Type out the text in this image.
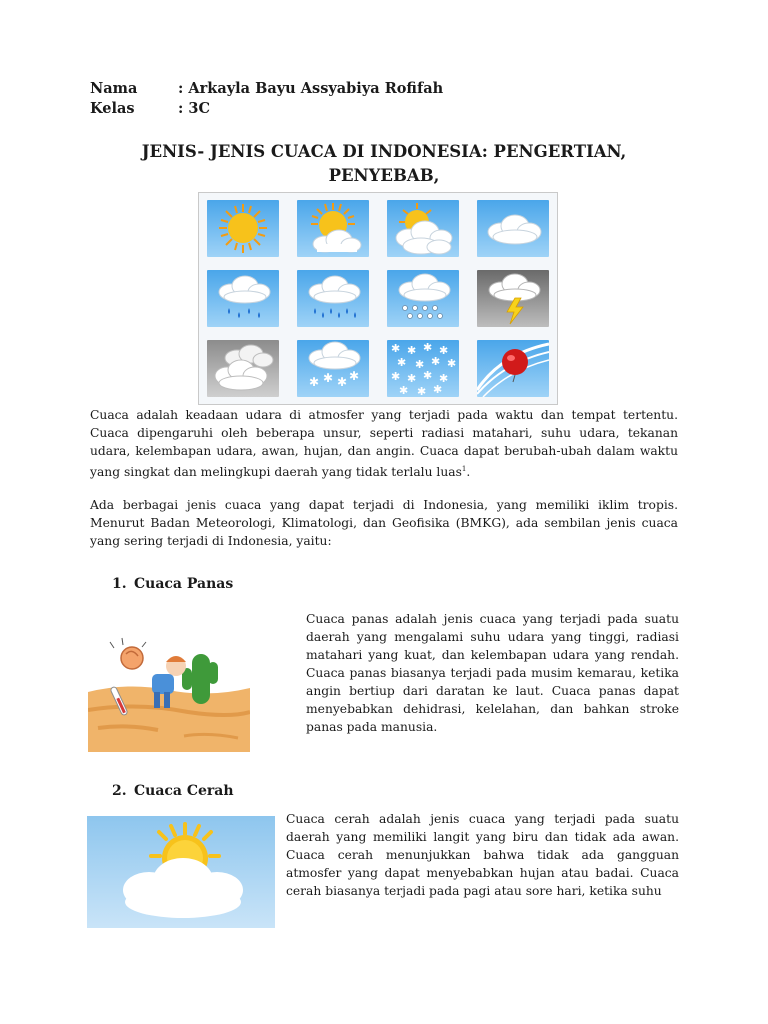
Nama	: Arkayla Bayu Assyabiya Rofifah
Kelas	: 3C
JENIS- JENIS CUACA DI INDONESIA: PENGERTIAN, PENYEBAB,
✱ ✱ ✱ ✱
✱ ✱ ✱ ✱
✱ ✱ ✱ ✱
✱ ✱ ✱ ✱
✱ ✱ ✱

Cuaca adalah keadaan udara di atmosfer yang terjadi pada waktu dan tempat tertentu. Cuaca dipengaruhi oleh beberapa unsur, seperti radiasi matahari, suhu udara, tekanan udara, kelembapan udara, awan, hujan, dan angin. Cuaca dapat berubah-ubah dalam waktu yang singkat dan melingkupi daerah yang tidak terlalu luas$^1$.

Ada berbagai jenis cuaca yang dapat terjadi di Indonesia, yang memiliki iklim tropis. Menurut Badan Meteorologi, Klimatologi, dan Geofisika (BMKG), ada sembilan jenis cuaca yang sering terjadi di Indonesia, yaitu:

1. Cuaca Panas

Cuaca panas adalah jenis cuaca yang terjadi pada suatu daerah yang mengalami suhu udara yang tinggi, radiasi matahari yang kuat, dan kelembapan udara yang rendah. Cuaca panas biasanya terjadi pada musim kemarau, ketika angin bertiup dari daratan ke laut. Cuaca panas dapat menyebabkan dehidrasi, kelelahan, dan bahkan stroke panas pada manusia.

2. Cuaca Cerah

Cuaca cerah adalah jenis cuaca yang terjadi pada suatu daerah yang memiliki langit yang biru dan tidak ada awan. Cuaca cerah menunjukkan bahwa tidak ada gangguan atmosfer yang dapat menyebabkan hujan atau badai. Cuaca cerah biasanya terjadi pada pagi atau sore hari, ketika suhu
